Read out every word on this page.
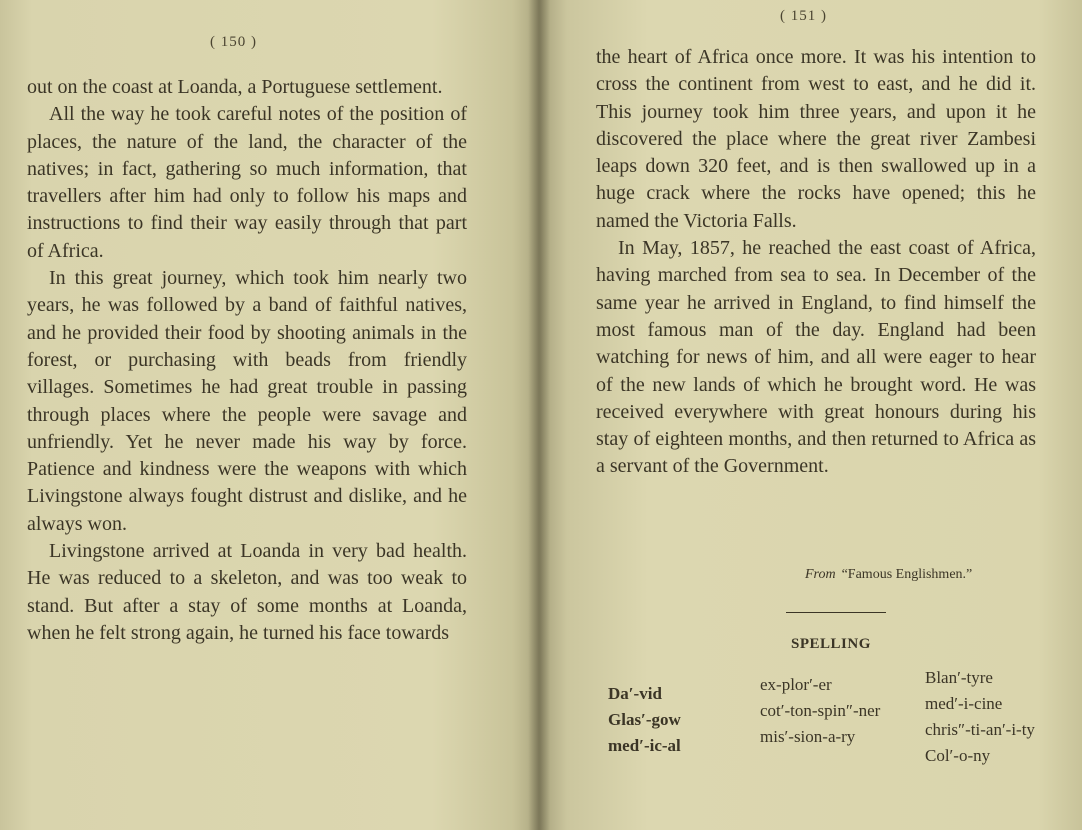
( 150 )

out on the coast at Loanda, a Portuguese settlement.

All the way he took careful notes of the position of places, the nature of the land, the character of the natives; in fact, gathering so much information, that travellers after him had only to follow his maps and instructions to find their way easily through that part of Africa.

In this great journey, which took him nearly two years, he was followed by a band of faithful natives, and he provided their food by shooting animals in the forest, or purchasing with beads from friendly villages. Sometimes he had great trouble in passing through places where the people were savage and unfriendly. Yet he never made his way by force. Patience and kindness were the weapons with which Livingstone always fought distrust and dislike, and he always won.

Livingstone arrived at Loanda in very bad health. He was reduced to a skeleton, and was too weak to stand. But after a stay of some months at Loanda, when he felt strong again, he turned his face towards

( 151 )

the heart of Africa once more. It was his intention to cross the continent from west to east, and he did it. This journey took him three years, and upon it he discovered the place where the great river Zambesi leaps down 320 feet, and is then swallowed up in a huge crack where the rocks have opened; this he named the Victoria Falls.

In May, 1857, he reached the east coast of Africa, having marched from sea to sea. In December of the same year he arrived in England, to find himself the most famous man of the day. England had been watching for news of him, and all were eager to hear of the new lands of which he brought word. He was received everywhere with great honours during his stay of eighteen months, and then returned to Africa as a servant of the Government.

From “Famous Englishmen.”
SPELLING
Da′-vid
Glas′-gow
med′-ic-al
ex-plor′-er
cot′-ton-spin″-ner
mis′-sion-a-ry
Blan′-tyre
med′-i-cine
chris″-ti-an′-i-ty
Col′-o-ny
